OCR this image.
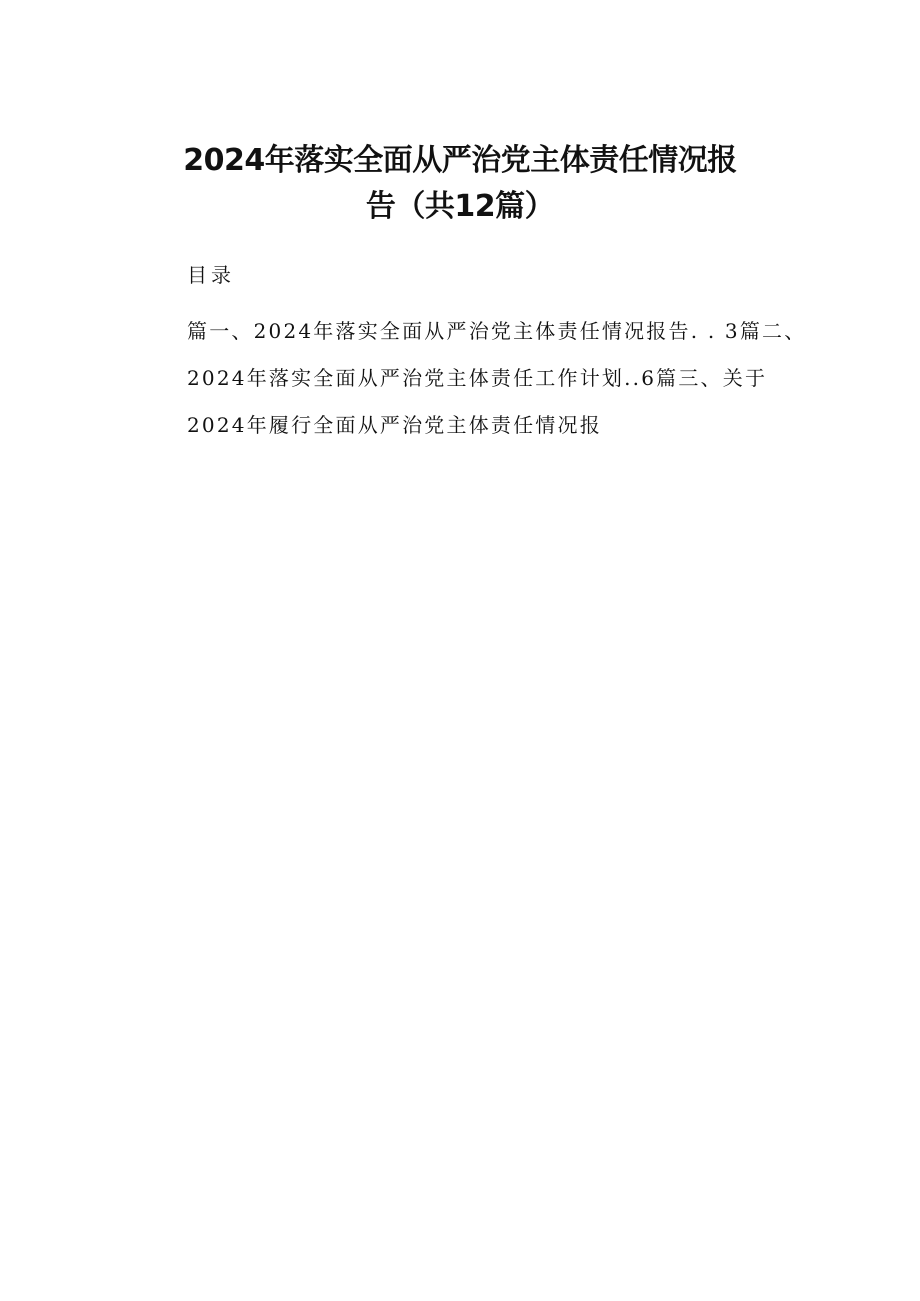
2024年落实全面从严治党主体责任情况报
告（共12篇）
目录
篇一、2024年落实全面从严治党主体责任情况报告. . 3篇二、
2024年落实全面从严治党主体责任工作计划..6篇三、关于
2024年履行全面从严治党主体责任情况报
